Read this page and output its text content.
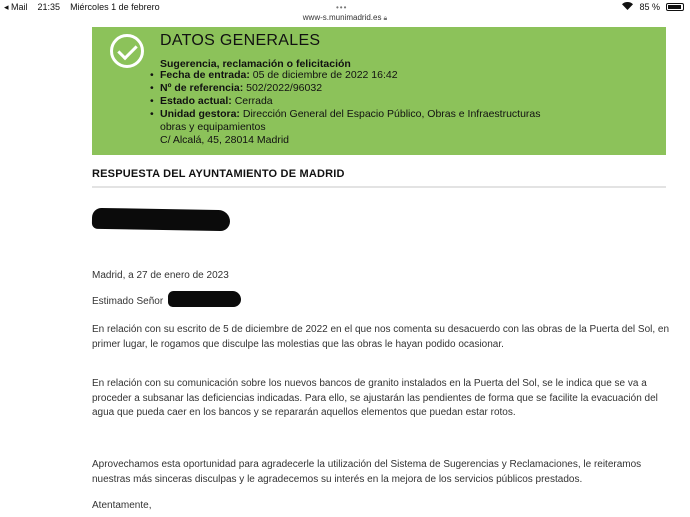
◂ Mail 21:35 Miércoles 1 de febrero	•••	85 %
www-s.munimadrid.es 🔒︎
DATOS GENERALES
Sugerencia, reclamación o felicitación
• Fecha de entrada: 05 de diciembre de 2022 16:42
• Nº de referencia: 502/2022/96032
• Estado actual: Cerrada
• Unidad gestora: Dirección General del Espacio Público, Obras e Infraestructuras
obras y equipamientos
C/ Alcalá, 45, 28014 Madrid
RESPUESTA DEL AYUNTAMIENTO DE MADRID
Madrid, a 27 de enero de 2023
Estimado Señor
En relación con su escrito de 5 de diciembre de 2022 en el que nos comenta su desacuerdo con las obras de la Puerta del Sol, en primer lugar, le rogamos que disculpe las molestias que las obras le hayan podido ocasionar.
En relación con su comunicación sobre los nuevos bancos de granito instalados en la Puerta del Sol, se le indica que se va a proceder a subsanar las deficiencias indicadas. Para ello, se ajustarán las pendientes de forma que se facilite la evacuación del agua que pueda caer en los bancos y se repararán aquellos elementos que puedan estar rotos.
Aprovechamos esta oportunidad para agradecerle la utilización del Sistema de Sugerencias y Reclamaciones, le reiteramos nuestras más sinceras disculpas y le agradecemos su interés en la mejora de los servicios públicos prestados.
Atentamente,
